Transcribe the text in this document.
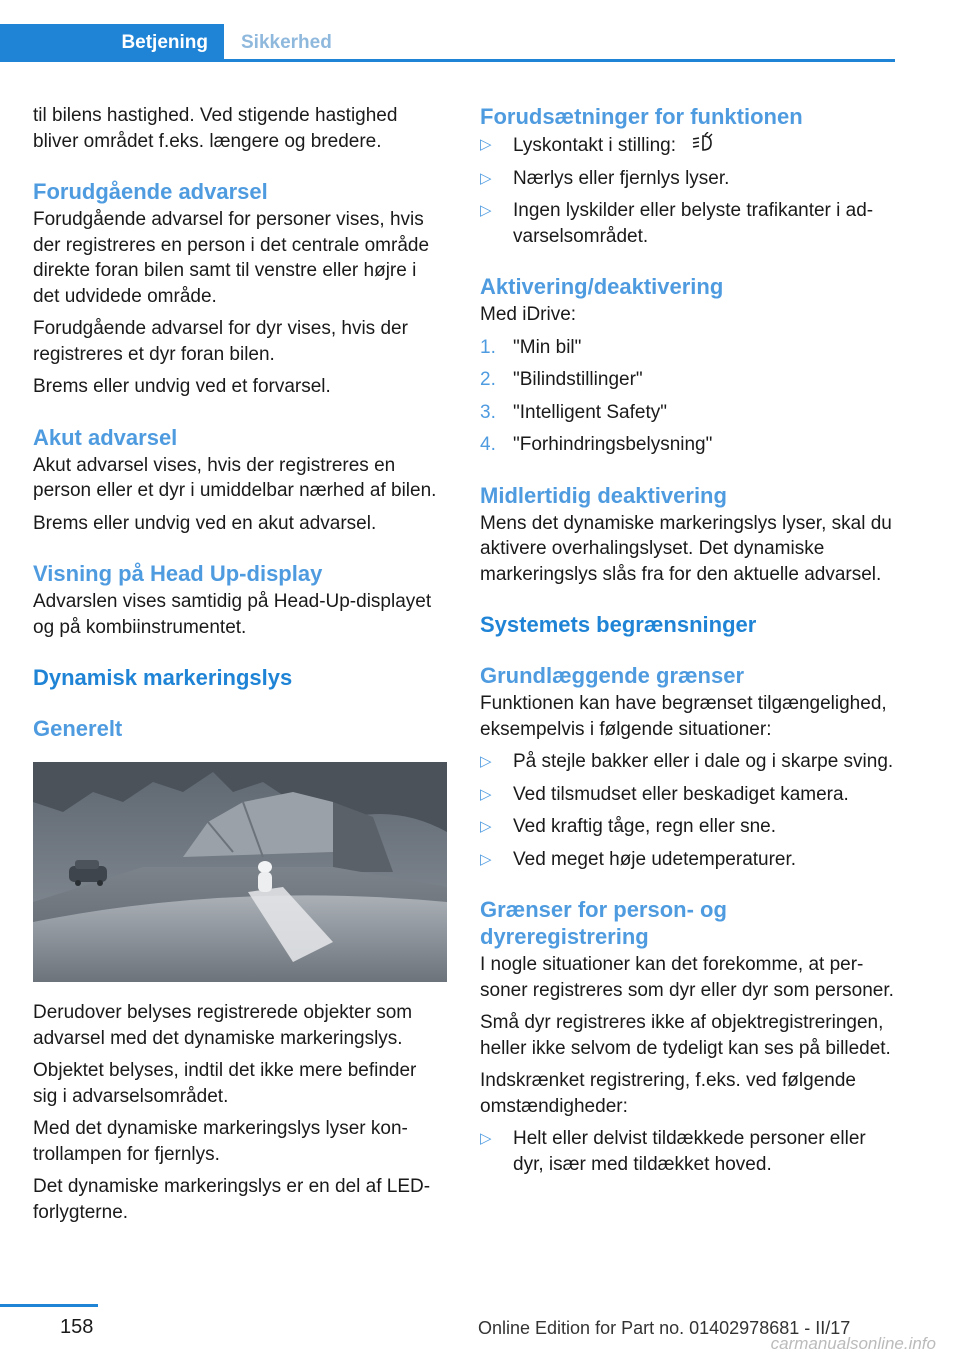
Betjening	Sikkerhed

til bilens hastighed. Ved stigende hastighed bliver området f.eks. længere og bredere.

Forudgående advarsel

Forudgående advarsel for personer vises, hvis der registreres en person i det centrale område direkte foran bilen samt til venstre eller højre i det udvidede område.

Forudgående advarsel for dyr vises, hvis der registreres et dyr foran bilen.

Brems eller undvig ved et forvarsel.

Akut advarsel

Akut advarsel vises, hvis der registreres en person eller et dyr i umiddelbar nærhed af bilen.

Brems eller undvig ved en akut advarsel.

Visning på Head Up-display

Advarslen vises samtidig på Head-Up-displayet og på kombiinstrumentet.

Dynamisk markeringslys
Generelt

Derudover belyses registrerede objekter som advarsel med det dynamiske markeringslys.

Objektet belyses, indtil det ikke mere befinder sig i advarselsområdet.

Med det dynamiske markeringslys lyser kontrollampen for fjernlys.

Det dynamiske markeringslys er en del af LED-forlygterne.

Forudsætninger for funktionen
▷ Lyskontakt i stilling:
▷ Nærlys eller fjernlys lyser.
▷ Ingen lyskilder eller belyste trafikanter i advarselsområdet.
Aktivering/deaktivering

Med iDrive:

1. "Min bil"
2. "Bilindstillinger"
3. "Intelligent Safety"
4. "Forhindringsbelysning"
Midlertidig deaktivering

Mens det dynamiske markeringslys lyser, skal du aktivere overhalingslyset. Det dynamiske markeringslys slås fra for den aktuelle advarsel.

Systemets begrænsninger
Grundlæggende grænser

Funktionen kan have begrænset tilgængelighed, eksempelvis i følgende situationer:

▷ På stejle bakker eller i dale og i skarpe sving.
▷ Ved tilsmudset eller beskadiget kamera.
▷ Ved kraftig tåge, regn eller sne.
▷ Ved meget høje udetemperaturer.
Grænser for person- og dyreregistrering

I nogle situationer kan det forekomme, at personer registreres som dyr eller dyr som personer.

Små dyr registreres ikke af objektregistreringen, heller ikke selvom de tydeligt kan ses på billedet.

Indskrænket registrering, f.eks. ved følgende omstændigheder:

▷ Helt eller delvist tildækkede personer eller dyr, især med tildækket hoved.
158	Online Edition for Part no. 01402978681 - II/17
carmanualsonline.info
